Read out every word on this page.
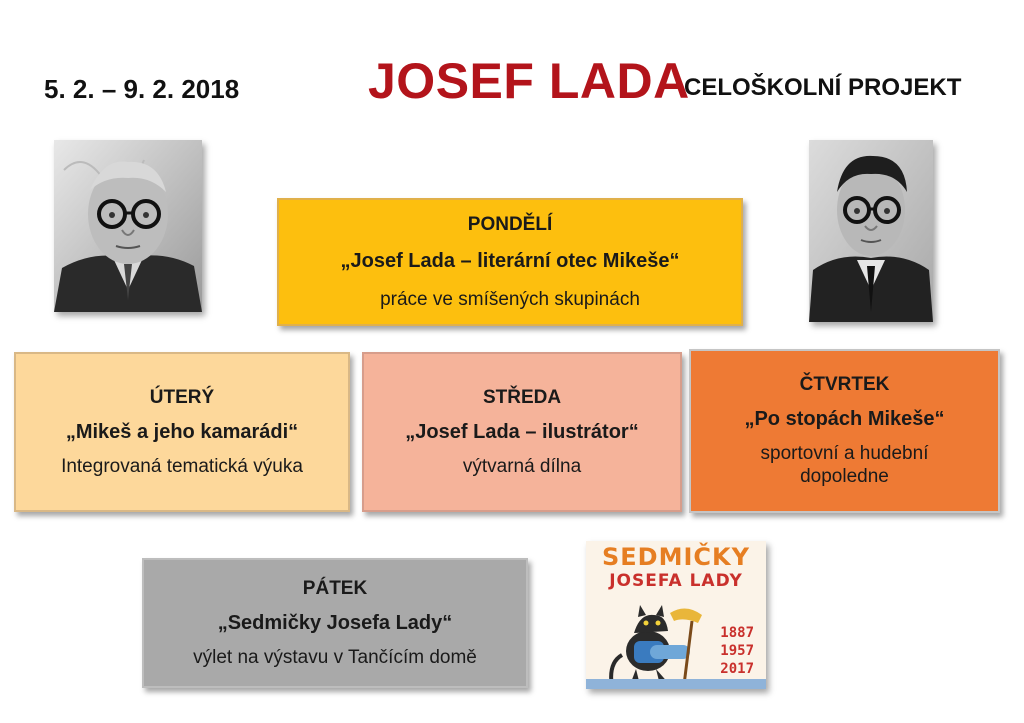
5. 2. – 9. 2. 2018	JOSEF LADA
CELOŠKOLNÍ PROJEKT
PONDĚLÍ
„Josef Lada – literární otec Mikeše“
práce ve smíšených skupinách
ÚTERÝ
„Mikeš a jeho kamarádi“
Integrovaná tematická výuka
STŘEDA
„Josef Lada – ilustrátor“
výtvarná dílna
ČTVRTEK
„Po stopách Mikeše“
sportovní a hudební dopoledne
PÁTEK
„Sedmičky Josefa Lady“
výlet na výstavu v Tančícím domě
SEDMIČKY
JOSEFA LADY
1887
1957
2017
